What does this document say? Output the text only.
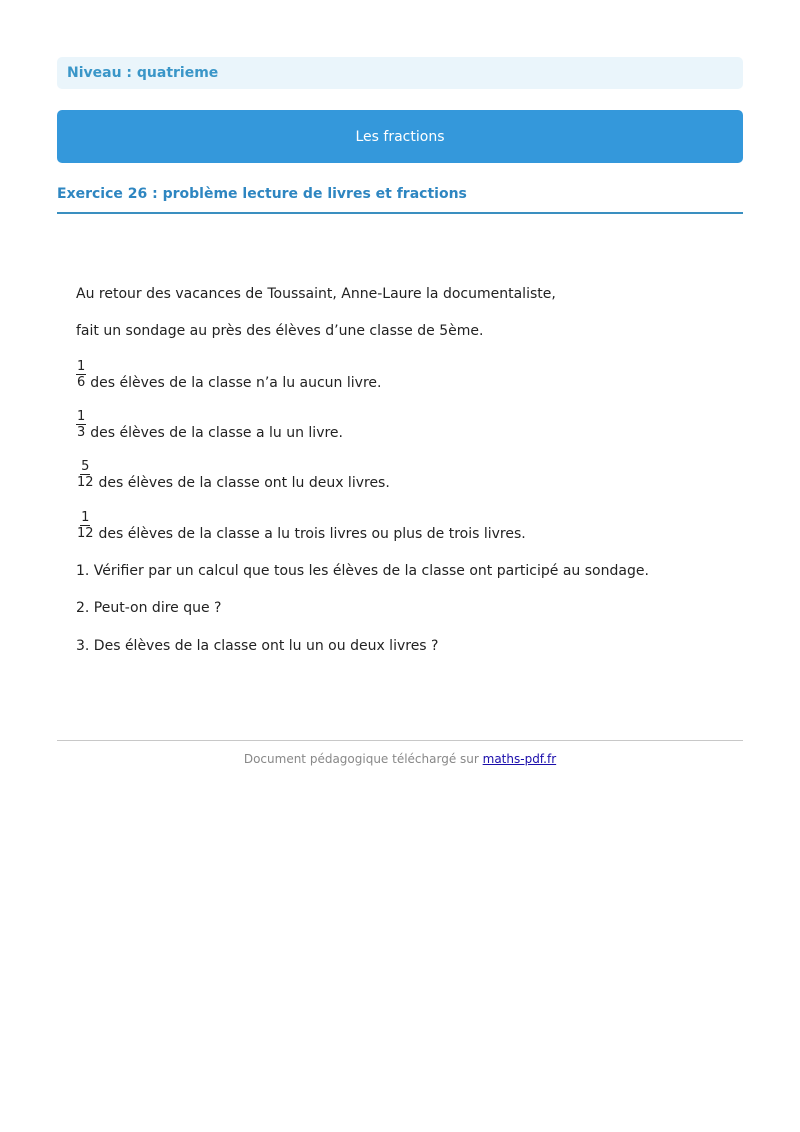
Niveau : quatrieme
Les fractions
Exercice 26 : problème lecture de livres et fractions
Au retour des vacances de Toussaint, Anne-Laure la documentaliste,
fait un sondage au près des élèves d’une classe de 5ème.
$\frac{1}{6}$ des élèves de la classe n’a lu aucun livre.
$\frac{1}{3}$ des élèves de la classe a lu un livre.
$\frac{5}{12}$ des élèves de la classe ont lu deux livres.
$\frac{1}{12}$ des élèves de la classe a lu trois livres ou plus de trois livres.
1. Vérifier par un calcul que tous les élèves de la classe ont participé au sondage.
2. Peut-on dire que ?
3. Des élèves de la classe ont lu un ou deux livres ?
Document pédagogique téléchargé sur maths-pdf.fr
